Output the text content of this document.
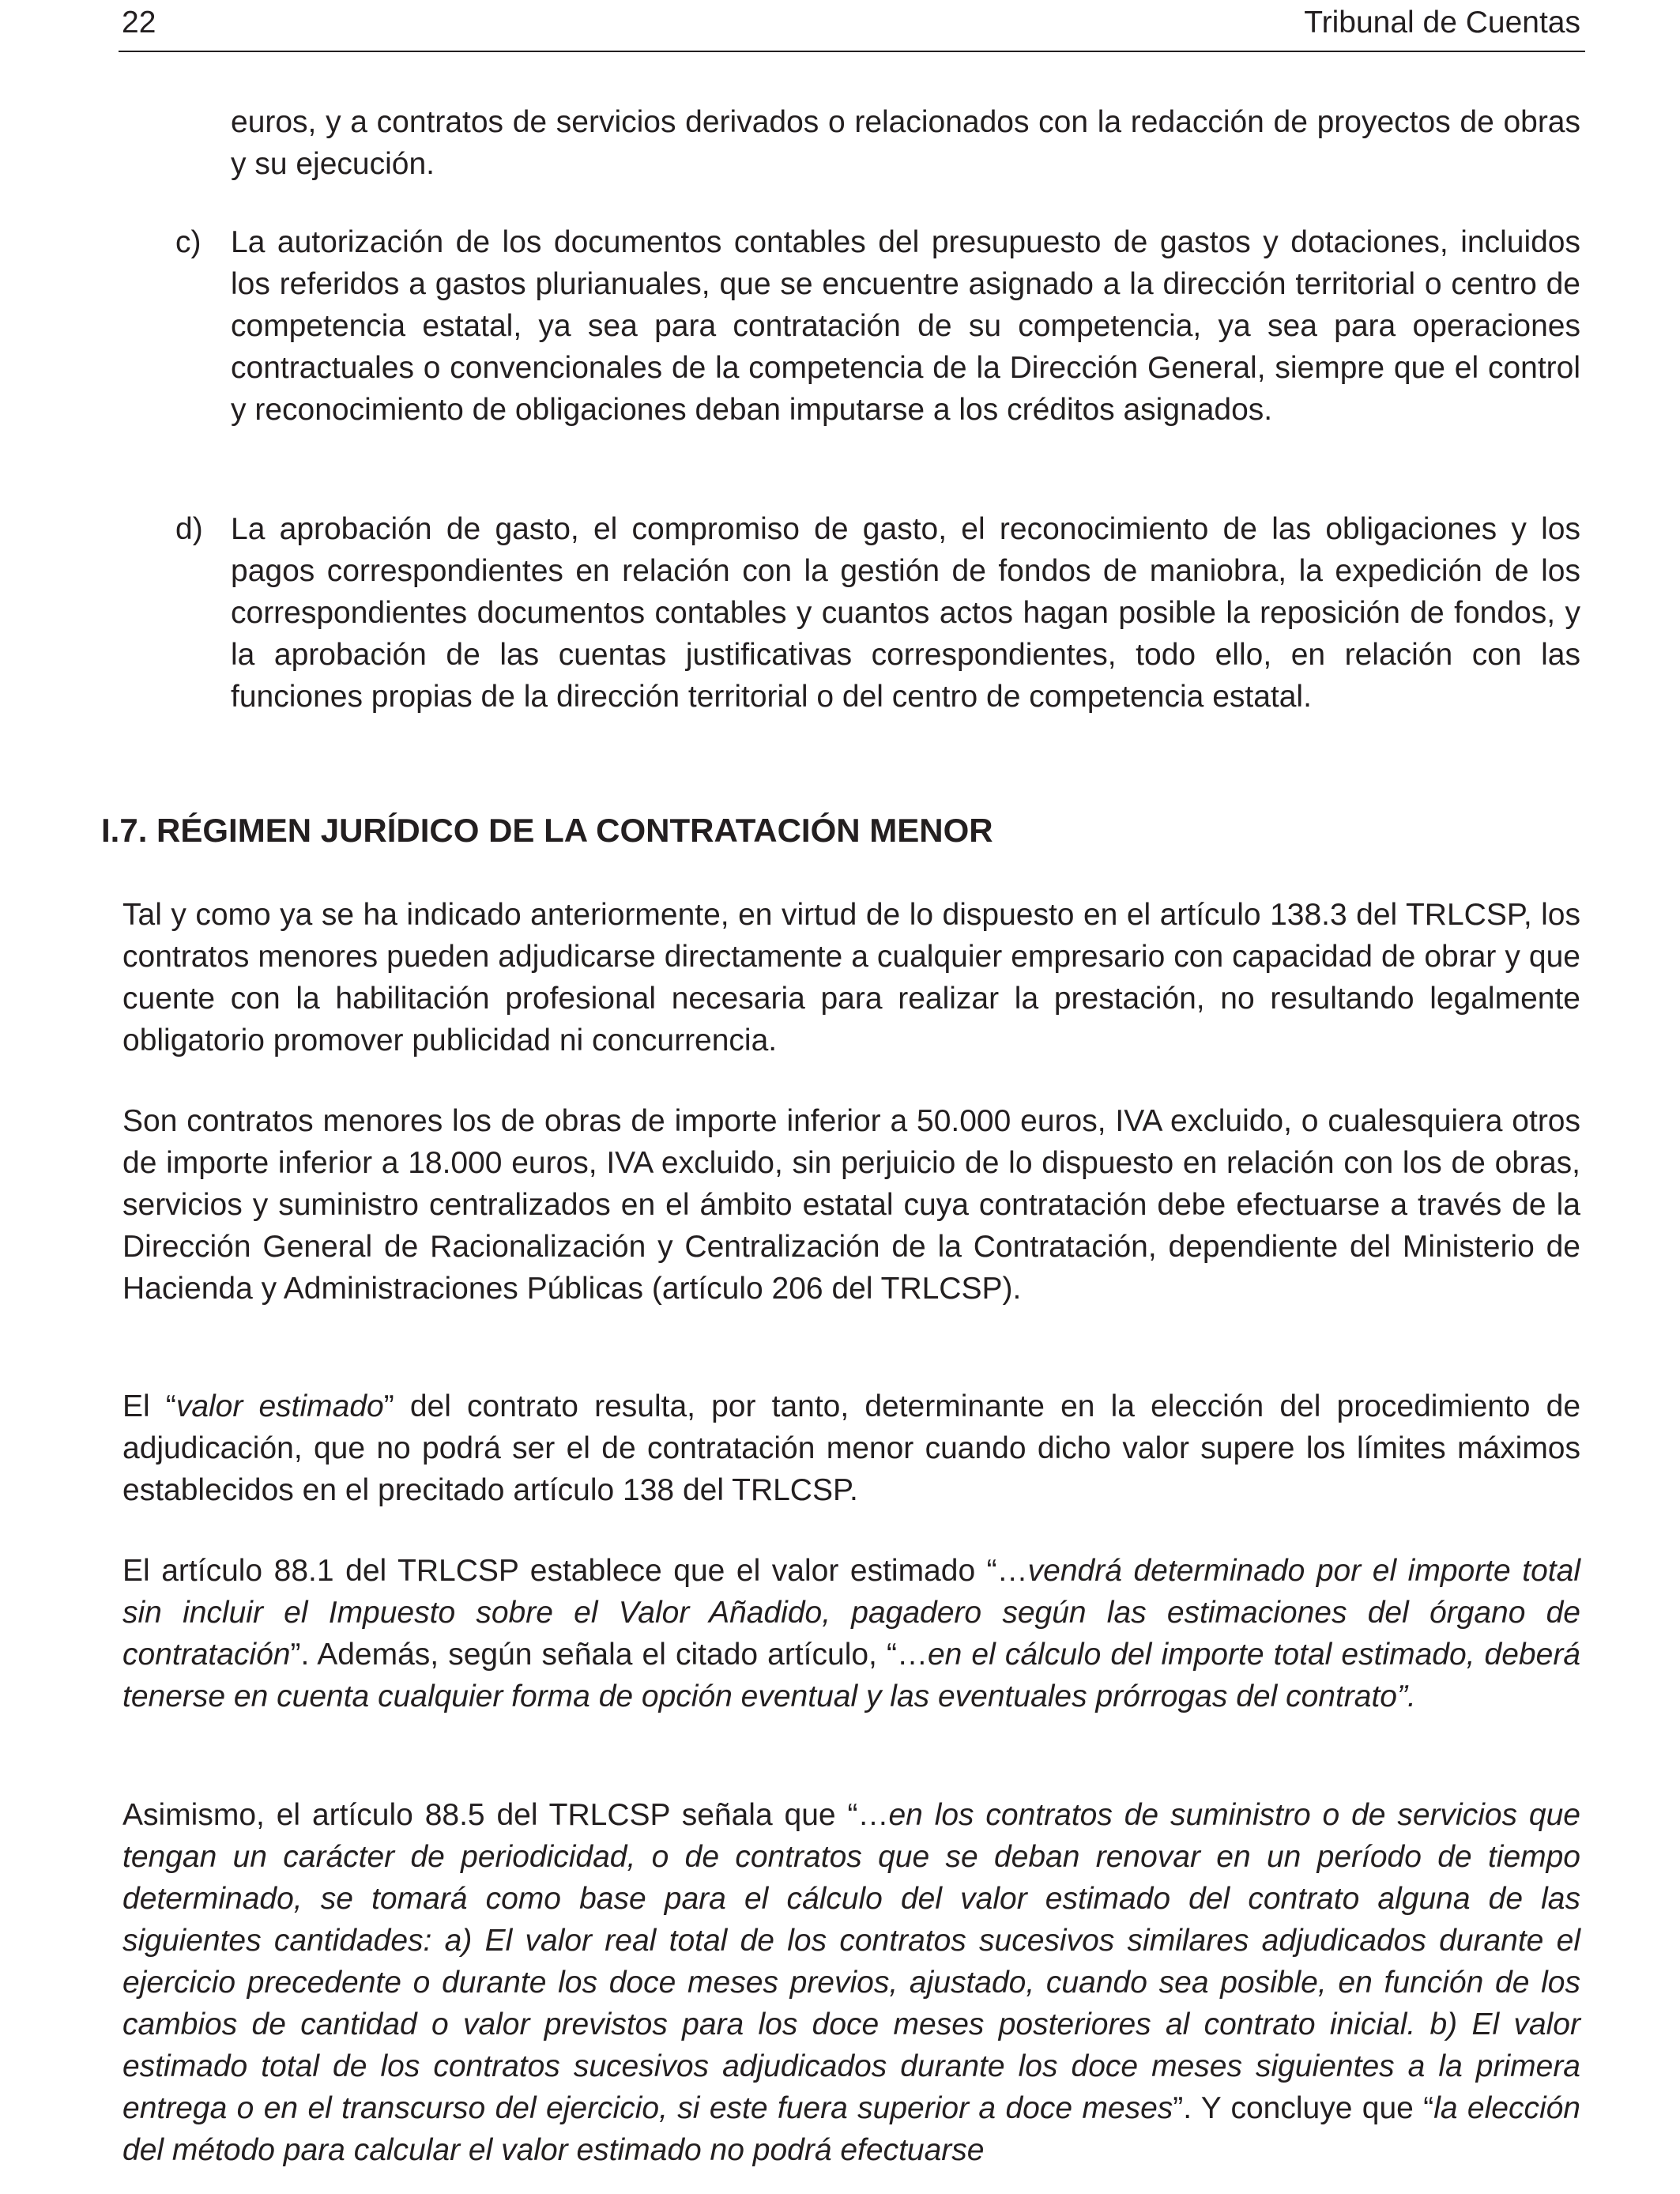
22	Tribunal de Cuentas

euros, y a contratos de servicios derivados o relacionados con la redacción de proyectos de obras y su ejecución.

c) La autorización de los documentos contables del presupuesto de gastos y dotaciones, incluidos los referidos a gastos plurianuales, que se encuentre asignado a la dirección territorial o centro de competencia estatal, ya sea para contratación de su competencia, ya sea para operaciones contractuales o convencionales de la competencia de la Dirección General, siempre que el control y reconocimiento de obligaciones deban imputarse a los créditos asignados.

d) La aprobación de gasto, el compromiso de gasto, el reconocimiento de las obligaciones y los pagos correspondientes en relación con la gestión de fondos de maniobra, la expedición de los correspondientes documentos contables y cuantos actos hagan posible la reposición de fondos, y la aprobación de las cuentas justificativas correspondientes, todo ello, en relación con las funciones propias de la dirección territorial o del centro de competencia estatal.

I.7. RÉGIMEN JURÍDICO DE LA CONTRATACIÓN MENOR

Tal y como ya se ha indicado anteriormente, en virtud de lo dispuesto en el artículo 138.3 del TRLCSP, los contratos menores pueden adjudicarse directamente a cualquier empresario con capacidad de obrar y que cuente con la habilitación profesional necesaria para realizar la prestación, no resultando legalmente obligatorio promover publicidad ni concurrencia.

Son contratos menores los de obras de importe inferior a 50.000 euros, IVA excluido, o cualesquiera otros de importe inferior a 18.000 euros, IVA excluido, sin perjuicio de lo dispuesto en relación con los de obras, servicios y suministro centralizados en el ámbito estatal cuya contratación debe efectuarse a través de la Dirección General de Racionalización y Centralización de la Contratación, dependiente del Ministerio de Hacienda y Administraciones Públicas (artículo 206 del TRLCSP).

El “valor estimado” del contrato resulta, por tanto, determinante en la elección del procedimiento de adjudicación, que no podrá ser el de contratación menor cuando dicho valor supere los límites máximos establecidos en el precitado artículo 138 del TRLCSP.

El artículo 88.1 del TRLCSP establece que el valor estimado “…vendrá determinado por el importe total sin incluir el Impuesto sobre el Valor Añadido, pagadero según las estimaciones del órgano de contratación”. Además, según señala el citado artículo, “…en el cálculo del importe total estimado, deberá tenerse en cuenta cualquier forma de opción eventual y las eventuales prórrogas del contrato”.

Asimismo, el artículo 88.5 del TRLCSP señala que “…en los contratos de suministro o de servicios que tengan un carácter de periodicidad, o de contratos que se deban renovar en un período de tiempo determinado, se tomará como base para el cálculo del valor estimado del contrato alguna de las siguientes cantidades: a) El valor real total de los contratos sucesivos similares adjudicados durante el ejercicio precedente o durante los doce meses previos, ajustado, cuando sea posible, en función de los cambios de cantidad o valor previstos para los doce meses posteriores al contrato inicial. b) El valor estimado total de los contratos sucesivos adjudicados durante los doce meses siguientes a la primera entrega o en el transcurso del ejercicio, si este fuera superior a doce meses”. Y concluye que “la elección del método para calcular el valor estimado no podrá efectuarse
